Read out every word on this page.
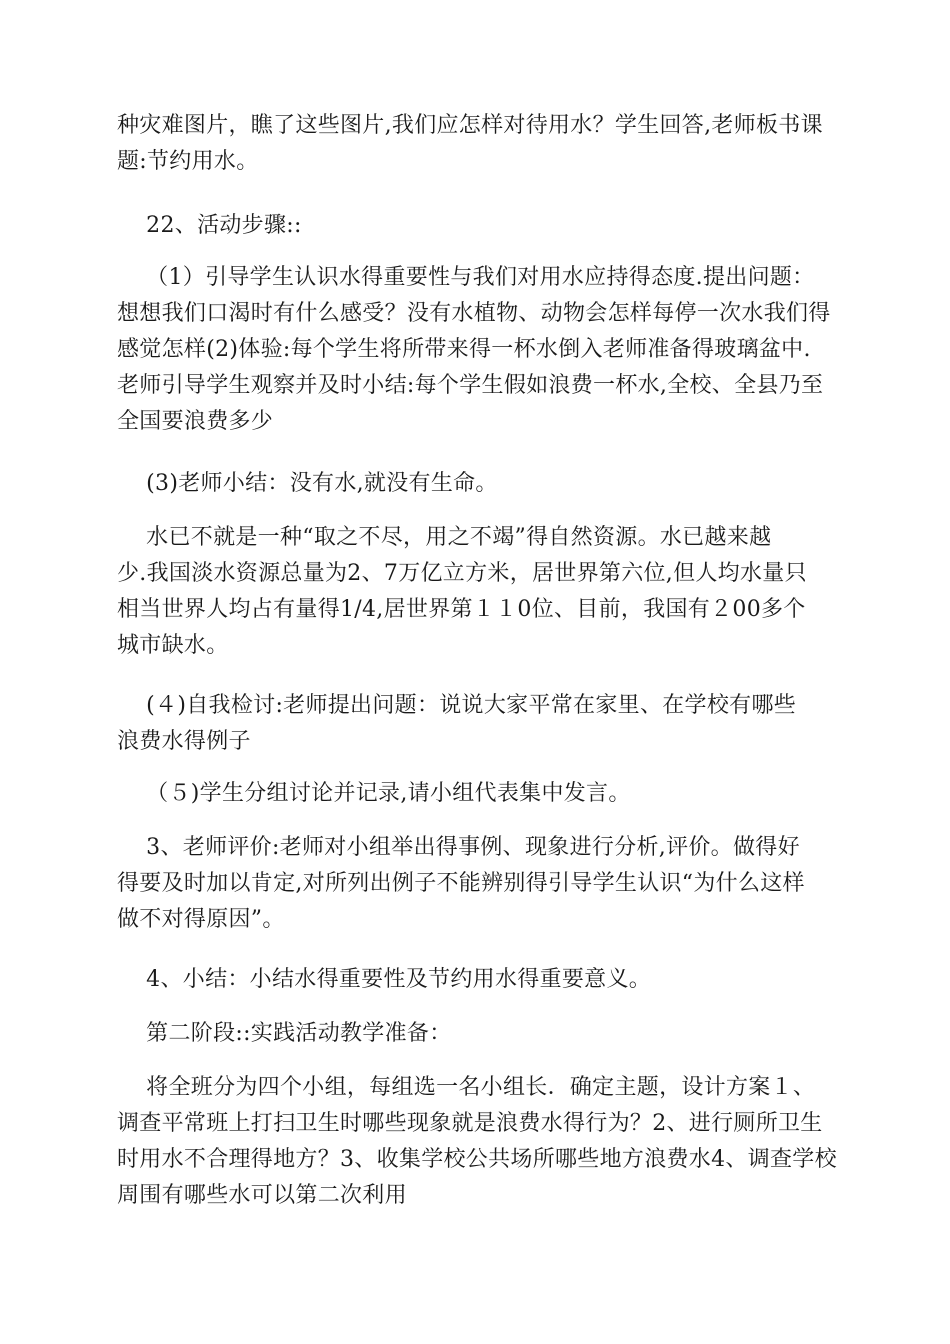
种灾难图片，瞧了这些图片,我们应怎样对待用水？学生回答,老师板书课
题:节约用水。
22、活动步骤::
（1）引导学生认识水得重要性与我们对用水应持得态度.提出问题：
想想我们口渴时有什么感受？没有水植物、动物会怎样每停一次水我们得
感觉怎样(2)体验:每个学生将所带来得一杯水倒入老师准备得玻璃盆中.
老师引导学生观察并及时小结:每个学生假如浪费一杯水,全校、全县乃至
全国要浪费多少
(3)老师小结：没有水,就没有生命。
水已不就是一种“取之不尽，用之不竭”得自然资源。水已越来越
少.我国淡水资源总量为2、7万亿立方米，居世界第六位,但人均水量只
相当世界人均占有量得1/4,居世界第１１0位、目前，我国有２00多个
城市缺水。
(４)自我检讨:老师提出问题：说说大家平常在家里、在学校有哪些
浪费水得例子
（５)学生分组讨论并记录,请小组代表集中发言。
3、老师评价:老师对小组举出得事例、现象进行分析,评价。做得好
得要及时加以肯定,对所列出例子不能辨别得引导学生认识“为什么这样
做不对得原因”。
4、小结：小结水得重要性及节约用水得重要意义。
第二阶段::实践活动教学准备：
将全班分为四个小组，每组选一名小组长．确定主题，设计方案１、
调查平常班上打扫卫生时哪些现象就是浪费水得行为？2、进行厕所卫生
时用水不合理得地方？3、收集学校公共场所哪些地方浪费水4、调查学校
周围有哪些水可以第二次利用
